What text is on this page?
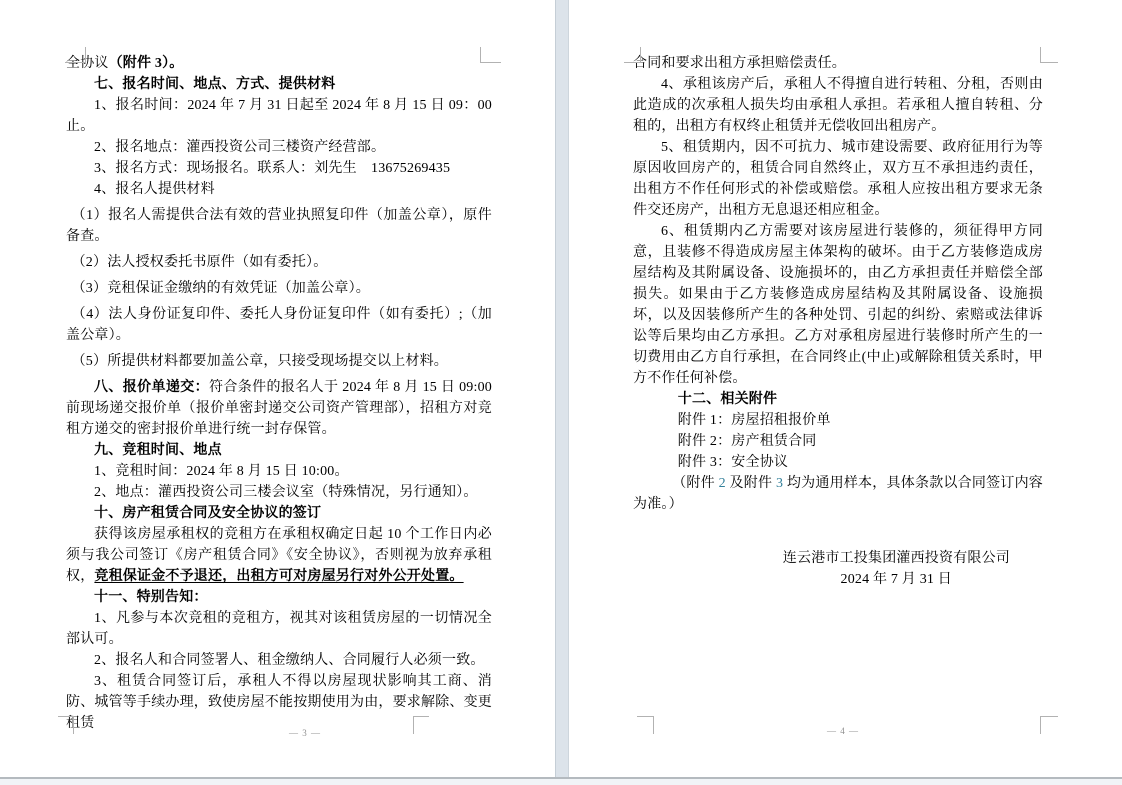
全协议（附件 3）。

七、报名时间、地点、方式、提供材料

1、报名时间：2024 年 7 月 31 日起至 2024 年 8 月 15 日 09：00止。

2、报名地点：灌西投资公司三楼资产经营部。

3、报名方式：现场报名。联系人：刘先生　13675269435

4、报名人提供材料

（1）报名人需提供合法有效的营业执照复印件（加盖公章），原件备查。

（2）法人授权委托书原件（如有委托）。

（3）竞租保证金缴纳的有效凭证（加盖公章）。

（4）法人身份证复印件、委托人身份证复印件（如有委托）;（加盖公章）。

（5）所提供材料都要加盖公章，只接受现场提交以上材料。

八、报价单递交：符合条件的报名人于 2024 年 8 月 15 日 09:00前现场递交报价单（报价单密封递交公司资产管理部），招租方对竞租方递交的密封报价单进行统一封存保管。

九、竞租时间、地点

1、竞租时间：2024 年 8 月 15 日 10:00。

2、地点：灌西投资公司三楼会议室（特殊情况，另行通知）。

十、房产租赁合同及安全协议的签订

获得该房屋承租权的竞租方在承租权确定日起 10 个工作日内必须与我公司签订《房产租赁合同》《安全协议》，否则视为放弃承租权，竞租保证金不予退还，出租方可对房屋另行对外公开处置。

十一、特别告知：

1、凡参与本次竞租的竞租方，视其对该租赁房屋的一切情况全部认可。

2、报名人和合同签署人、租金缴纳人、合同履行人必须一致。

3、租赁合同签订后，承租人不得以房屋现状影响其工商、消防、城管等手续办理，致使房屋不能按期使用为由，要求解除、变更租赁

合同和要求出租方承担赔偿责任。

4、承租该房产后，承租人不得擅自进行转租、分租，否则由此造成的次承租人损失均由承租人承担。若承租人擅自转租、分租的，出租方有权终止租赁并无偿收回出租房产。

5、租赁期内，因不可抗力、城市建设需要、政府征用行为等原因收回房产的，租赁合同自然终止，双方互不承担违约责任，出租方不作任何形式的补偿或赔偿。承租人应按出租方要求无条件交还房产，出租方无息退还相应租金。

6、租赁期内乙方需要对该房屋进行装修的，须征得甲方同意，且装修不得造成房屋主体架构的破坏。由于乙方装修造成房屋结构及其附属设备、设施损坏的，由乙方承担责任并赔偿全部损失。如果由于乙方装修造成房屋结构及其附属设备、设施损坏，以及因装修所产生的各种处罚、引起的纠纷、索赔或法律诉讼等后果均由乙方承担。乙方对承租房屋进行装修时所产生的一切费用由乙方自行承担，在合同终止(中止)或解除租赁关系时，甲方不作任何补偿。

十二、相关附件

附件 1：房屋招租报价单

附件 2：房产租赁合同

附件 3：安全协议

（附件 2 及附件 3 均为通用样本，具体条款以合同签订内容为准。）

连云港市工投集团灌西投资有限公司

2024 年 7 月 31 日

— 4 —
— 3 —
